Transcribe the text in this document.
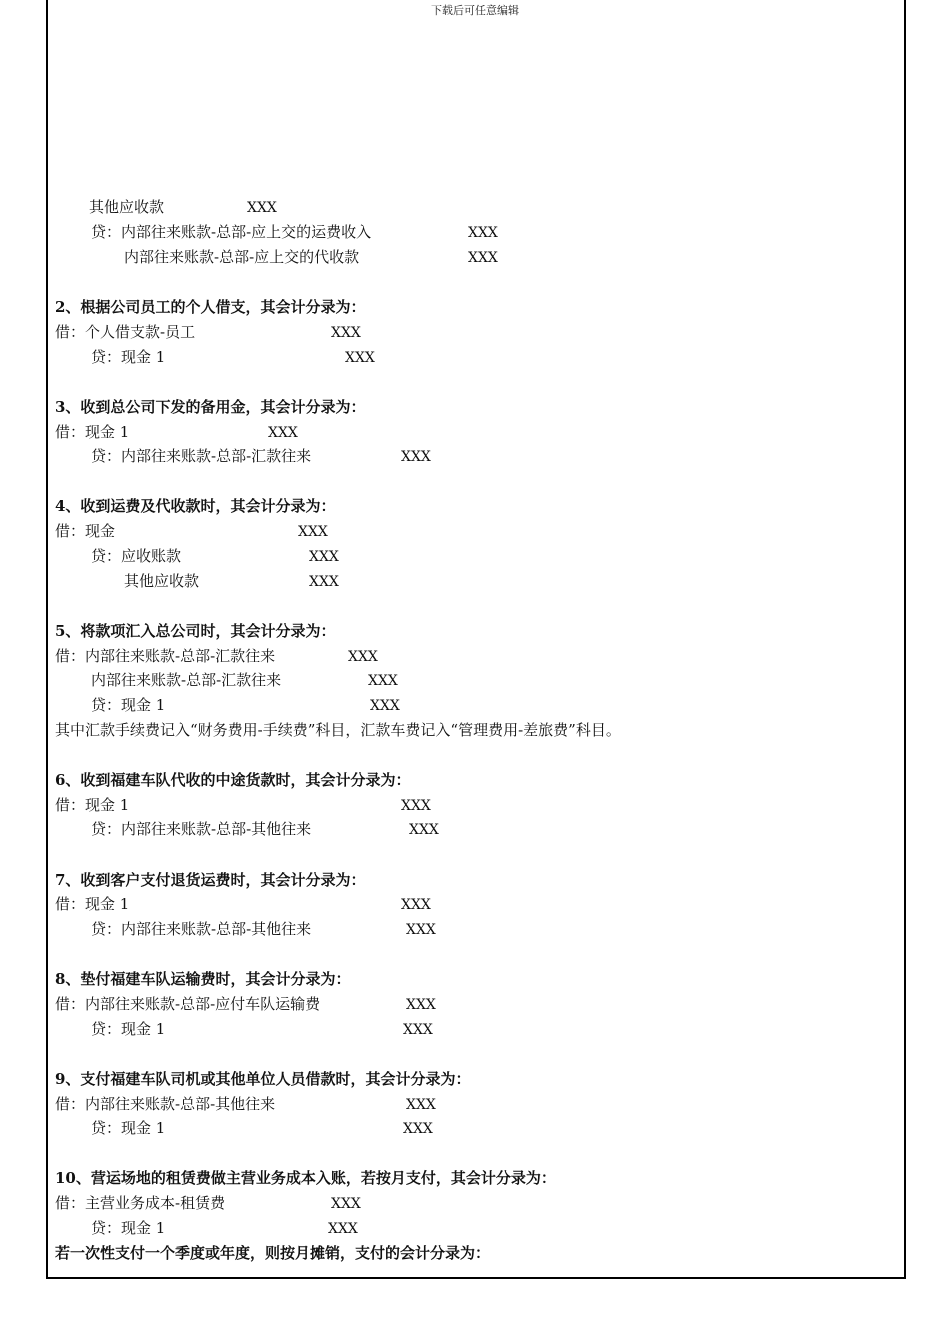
下载后可任意编辑
其他应收款	XXX
贷：内部往来账款-总部-应上交的运费收入	XXX
内部往来账款-总部-应上交的代收款	XXX
2、根据公司员工的个人借支，其会计分录为：
借：个人借支款-员工	XXX
贷：现金 1	XXX
3、收到总公司下发的备用金，其会计分录为：
借：现金 1	XXX
贷：内部往来账款-总部-汇款往来	XXX
4、收到运费及代收款时，其会计分录为：
借：现金	XXX
贷：应收账款	XXX
其他应收款	XXX
5、将款项汇入总公司时，其会计分录为：
借：内部往来账款-总部-汇款往来	XXX
内部往来账款-总部-汇款往来	XXX
贷：现金 1	XXX
其中汇款手续费记入“财务费用-手续费”科目，汇款车费记入“管理费用-差旅费”科目。
6、收到福建车队代收的中途货款时，其会计分录为：
借：现金 1	XXX
贷：内部往来账款-总部-其他往来	XXX
7、收到客户支付退货运费时，其会计分录为：
借：现金 1	XXX
贷：内部往来账款-总部-其他往来	XXX
8、垫付福建车队运输费时，其会计分录为：
借：内部往来账款-总部-应付车队运输费	XXX
贷：现金 1	XXX
9、支付福建车队司机或其他单位人员借款时，其会计分录为：
借：内部往来账款-总部-其他往来	XXX
贷：现金 1	XXX
10、营运场地的租赁费做主营业务成本入账，若按月支付，其会计分录为：
借：主营业务成本-租赁费	XXX
贷：现金 1	XXX
若一次性支付一个季度或年度，则按月摊销，支付的会计分录为：
